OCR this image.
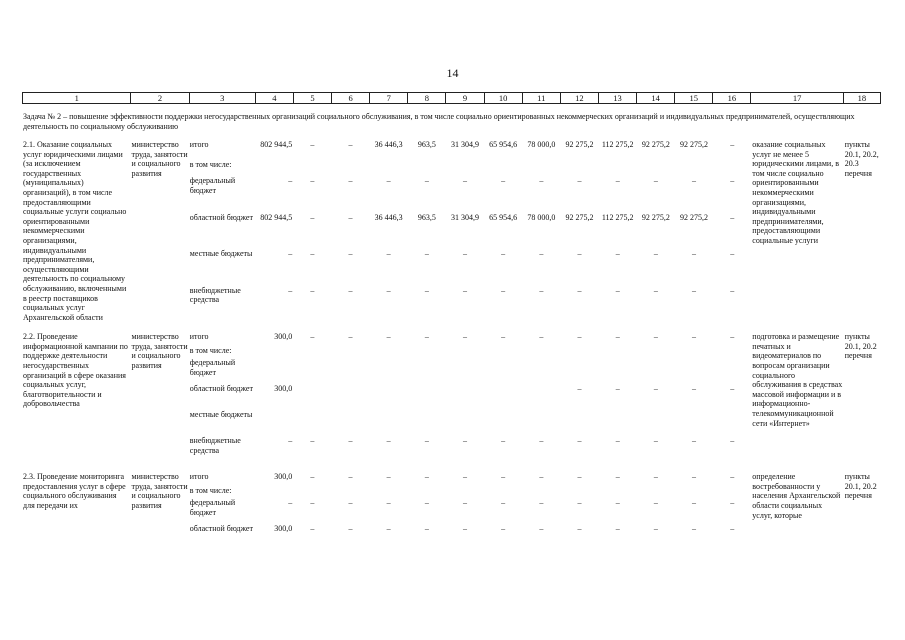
14
1	2	3	4	5	6	7	8	9	10	11	12	13	14	15	16	17	18
Задача № 2 – повышение эффективности поддержки негосударственных организаций социального обслуживания, в том числе социально ориентированных некоммерческих организаций и индивидуальных предпринимателей, осуществляющих деятельность по социальному обслуживанию
2.1. Оказание социальных услуг юридическими лицами (за исключением государственных (муниципальных) организаций), в том числе предоставляющими социальные услуги социально ориентированными некоммерческими организациями, индивидуальными предпринимателями, осуществляющими деятельность по социальному обслуживанию, включенными в реестр поставщиков социальных услуг Архангельской области	министерство труда, занятости и социального развития	итого	802 944,5	–	–	36 446,3	963,5	31 304,9	65 954,6	78 000,0	92 275,2	112 275,2	92 275,2	92 275,2	–	оказание социальных услуг не менее 5 юридическими лицами, в том числе социально ориентированными некоммерческими организациями, индивидуальными предпринимателями, предоставляющими социальные услуги	пункты 20.1, 20.2, 20.3 перечня
		в том числе:															
		федеральный бюджет	–	–	–	–	–	–	–	–	–	–	–	–	–		
		областной бюджет	802 944,5	–	–	36 446,3	963,5	31 304,9	65 954,6	78 000,0	92 275,2	112 275,2	92 275,2	92 275,2	–		
		местные бюджеты	–	–	–	–	–	–	–	–	–	–	–	–	–		
		внебюджетные средства	–	–	–	–	–	–	–	–	–	–	–	–	–		

2.2. Проведение информационной кампании по поддержке деятельности негосударственных организаций в сфере оказания социальных услуг, благотворительности и добровольчества	министерство труда, занятости и социального развития	итого	300,0	–	–	–	–	–	–	–	–	–	–	–	–	подготовка и размещение печатных и видеоматериалов по вопросам организации социального обслуживания в средствах массовой информации и в информационно-телекоммуникационной сети «Интернет»	пункты 20.1, 20.2 перечня
		в том числе:															
		федеральный бюджет															
		областной бюджет	300,0								–	–	–	–	–		
		местные бюджеты															
		внебюджетные средства	–	–	–	–	–	–	–	–	–	–	–	–	–		

2.3. Проведение мониторинга предоставления услуг в сфере социального обслуживания для передачи их	министерство труда, занятости и социального развития	итого	300,0	–	–	–	–	–	–	–	–	–	–	–	–	определение востребованности у населения Архангельской области социальных услуг, которые	пункты 20.1, 20.2 перечня
		в том числе:															
		федеральный бюджет	–	–	–	–	–	–	–	–	–	–	–	–	–		
		областной бюджет	300,0	–	–	–	–	–	–	–	–	–	–	–	–		
